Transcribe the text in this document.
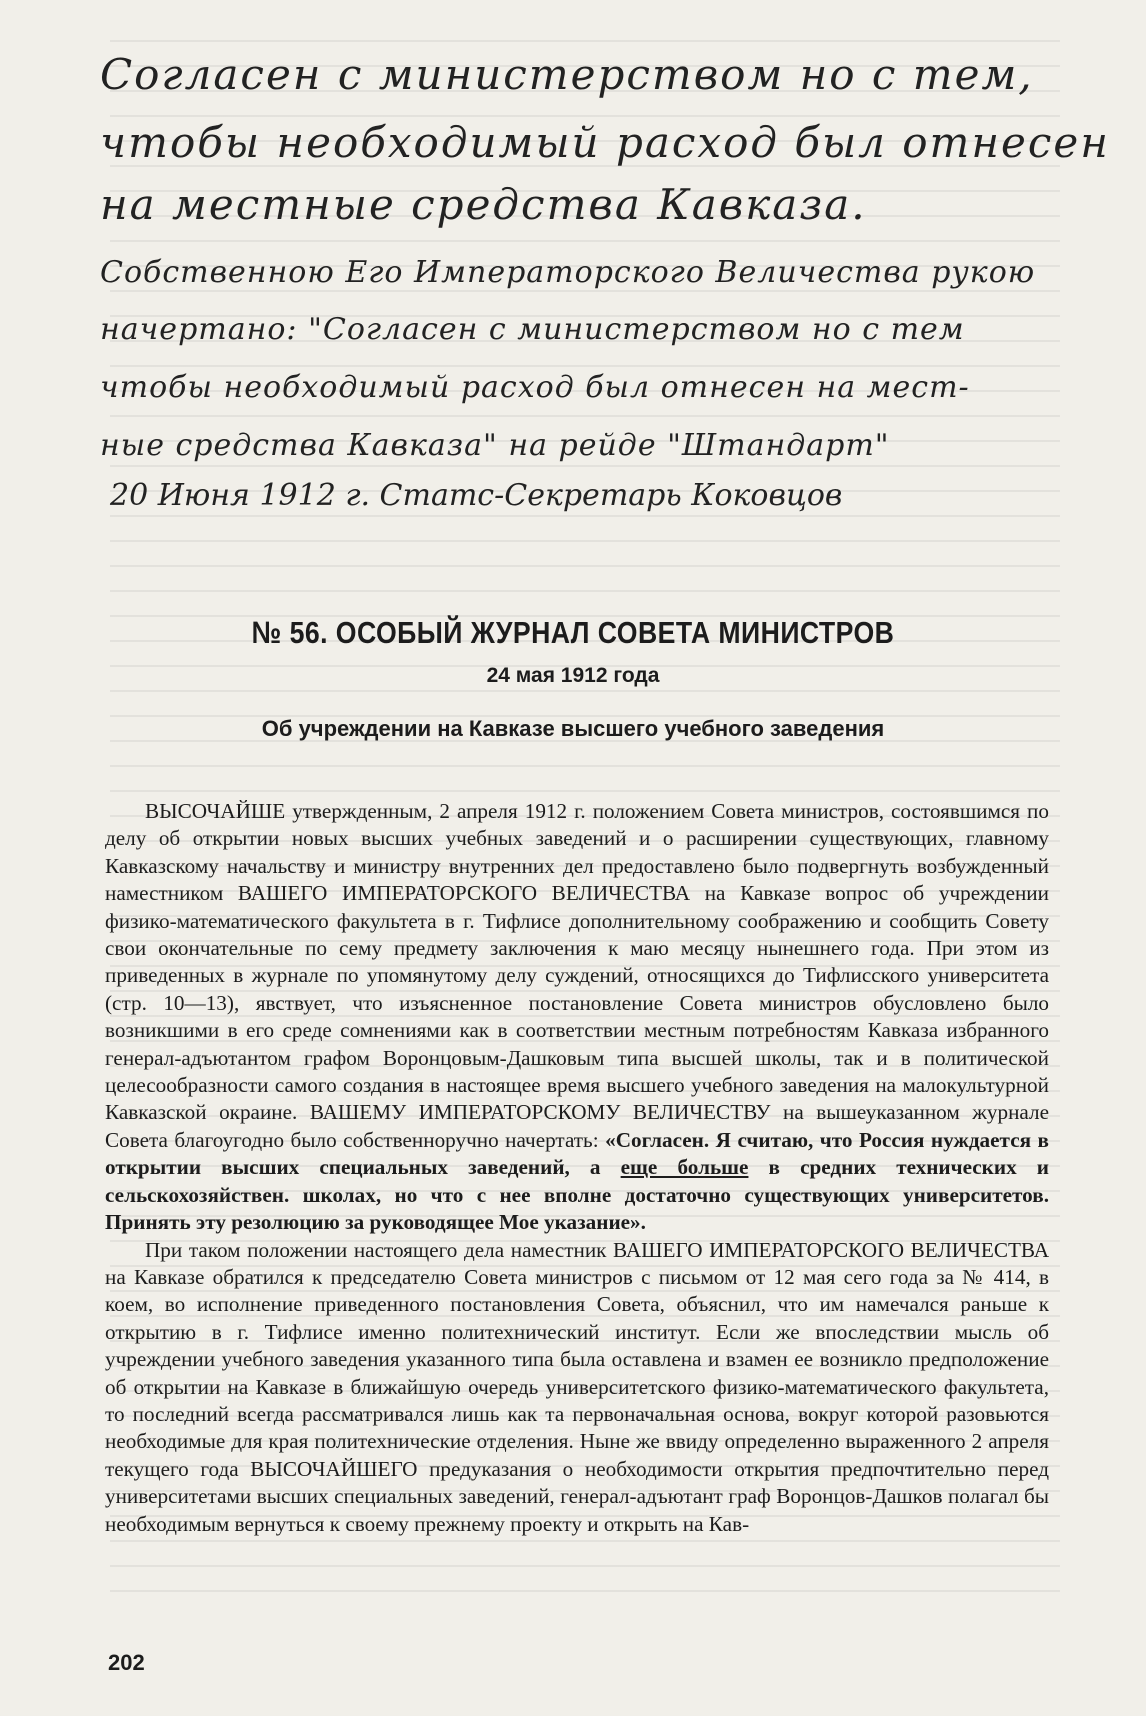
Согласен с министерством но с тем,
чтобы необходимый расход был отнесен
на местные средства Кавказа.
Собственною Его Императорского Величества рукою
начертано: "Согласен с министерством но с тем
чтобы необходимый расход был отнесен на мест-
ные средства Кавказа" на рейде "Штандарт"
20 Июня 1912 г. Статс-Секретарь Коковцов
№ 56. ОСОБЫЙ ЖУРНАЛ СОВЕТА МИНИСТРОВ
24 мая 1912 года
Об учреждении на Кавказе высшего учебного заведения

ВЫСОЧАЙШЕ утвержденным, 2 апреля 1912 г. положением Совета министров, состоявшимся по делу об открытии новых высших учебных заведений и о расширении существующих, главному Кавказскому начальству и министру внутренних дел предоставлено было подвергнуть возбужденный наместником ВАШЕГО ИМПЕРАТОРСКОГО ВЕЛИЧЕСТВА на Кавказе вопрос об учреждении физико-математического факультета в г. Тифлисе дополнительному соображению и сообщить Совету свои окончательные по сему предмету заключения к маю месяцу нынешнего года. При этом из приведенных в журнале по упомянутому делу суждений, относящихся до Тифлисского университета (стр. 10—13), явствует, что изъясненное постановление Совета министров обусловлено было возникшими в его среде сомнениями как в соответствии местным потребностям Кавказа избранного генерал-адъютантом графом Воронцовым-Дашковым типа высшей школы, так и в политической целесообразности самого создания в настоящее время высшего учебного заведения на малокультурной Кавказской окраине. ВАШЕМУ ИМПЕРАТОРСКОМУ ВЕЛИЧЕСТВУ на вышеуказанном журнале Совета благоугодно было собственноручно начертать: «Согласен. Я считаю, что Россия нуждается в открытии высших специальных заведений, а еще больше в средних технических и сельскохозяйствен. школах, но что с нее вполне достаточно существующих университетов. Принять эту резолюцию за руководящее Мое указание».

При таком положении настоящего дела наместник ВАШЕГО ИМПЕРАТОРСКОГО ВЕЛИЧЕСТВА на Кавказе обратился к председателю Совета министров с письмом от 12 мая сего года за № 414, в коем, во исполнение приведенного постановления Совета, объяснил, что им намечался раньше к открытию в г. Тифлисе именно политехнический институт. Если же впоследствии мысль об учреждении учебного заведения указанного типа была оставлена и взамен ее возникло предположение об открытии на Кавказе в ближайшую очередь университетского физико-математического факультета, то последний всегда рассматривался лишь как та первоначальная основа, вокруг которой разовьются необходимые для края политехнические отделения. Ныне же ввиду определенно выраженного 2 апреля текущего года ВЫСОЧАЙШЕГО предуказания о необходимости открытия предпочтительно перед университетами высших специальных заведений, генерал-адъютант граф Воронцов-Дашков полагал бы необходимым вернуться к своему прежнему проекту и открыть на Кав-

202
